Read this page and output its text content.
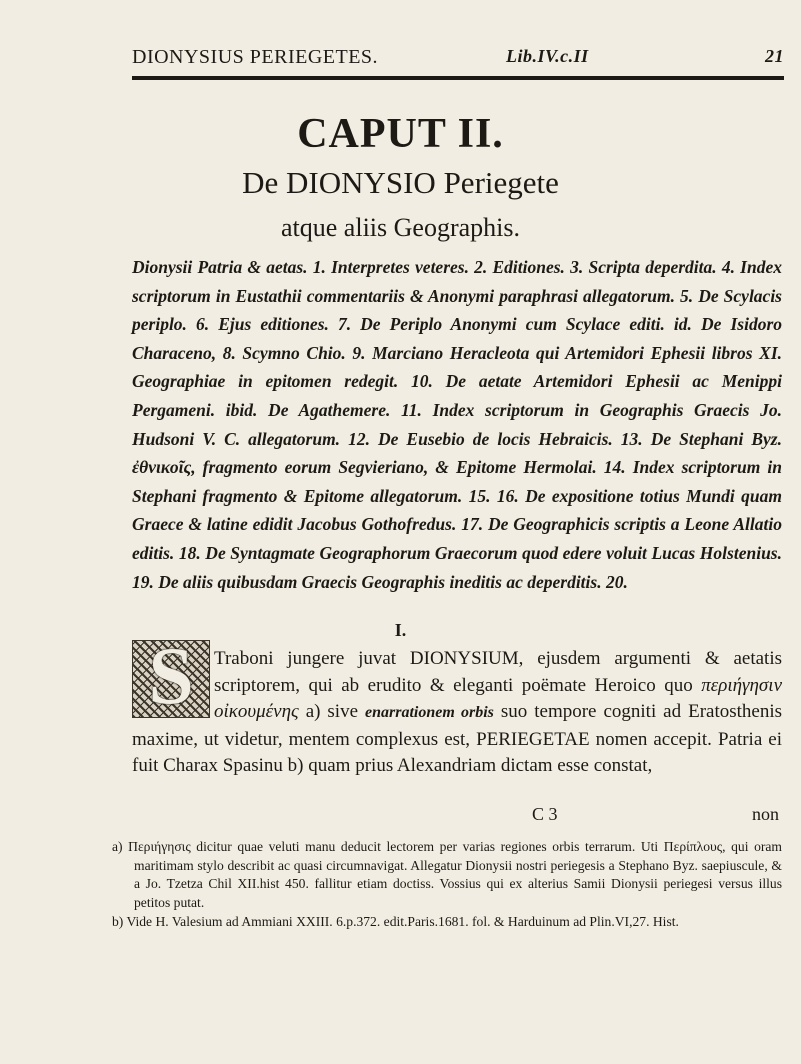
DIONYSIUS PERIEGETES.	Lib.IV.c.II	21
CAPUT II.
De DIONYSIO Periegete
atque aliis Geographis.
Dionysii Patria & aetas. 1. Interpretes veteres. 2. Editiones. 3. Scripta deperdita. 4. Index scriptorum in Eustathii commentariis & Anonymi paraphrasi allegatorum. 5. De Scylacis periplo. 6. Ejus editiones. 7. De Periplo Anonymi cum Scylace editi. id. De Isidoro Characeno, 8. Scymno Chio. 9. Marciano Heracleota qui Artemidori Ephesii libros XI. Geographiae in epitomen redegit. 10. De aetate Artemidori Ephesii ac Menippi Pergameni. ibid. De Agathemere. 11. Index scriptorum in Geographis Graecis Jo. Hudsoni V. C. allegatorum. 12. De Eusebio de locis Hebraicis. 13. De Stephani Byz. ἐθνικοῖς, fragmento eorum Segvieriano, & Epitome Hermolai. 14. Index scriptorum in Stephani fragmento & Epitome allegatorum. 15. 16. De expositione totius Mundi quam Graece & latine edidit Jacobus Gothofredus. 17. De Geographicis scriptis a Leone Allatio editis. 18. De Syntagmate Geographorum Graecorum quod edere voluit Lucas Holstenius. 19. De aliis quibusdam Graecis Geographis ineditis ac deperditis. 20.
I.
S	Traboni jungere juvat DIONYSIUM, ejusdem argumenti & aetatis scriptorem, qui ab erudito & eleganti poëmate Heroico quo περιήγησιν οἰκουμένης a) sive enarrationem orbis suo tempore cogniti ad Eratosthenis maxime, ut videtur, mentem complexus est, PERIEGETAE nomen accepit. Patria ei fuit Charax Spasinu b) quam prius Alexandriam dictam esse constat,
C 3	non

a) Περιήγησις dicitur quae veluti manu deducit lectorem per varias regiones orbis terrarum. Uti Περίπλους, qui oram maritimam stylo describit ac quasi circumnavigat. Allegatur Dionysii nostri periegesis a Stephano Byz. saepiuscule, & a Jo. Tzetza Chil XII.hist 450. fallitur etiam doctiss. Vossius qui ex alterius Samii Dionysii periegesi versus illus petitos putat.

b) Vide H. Valesium ad Ammiani XXIII. 6.p.372. edit.Paris.1681. fol. & Harduinum ad Plin.VI,27. Hist.
